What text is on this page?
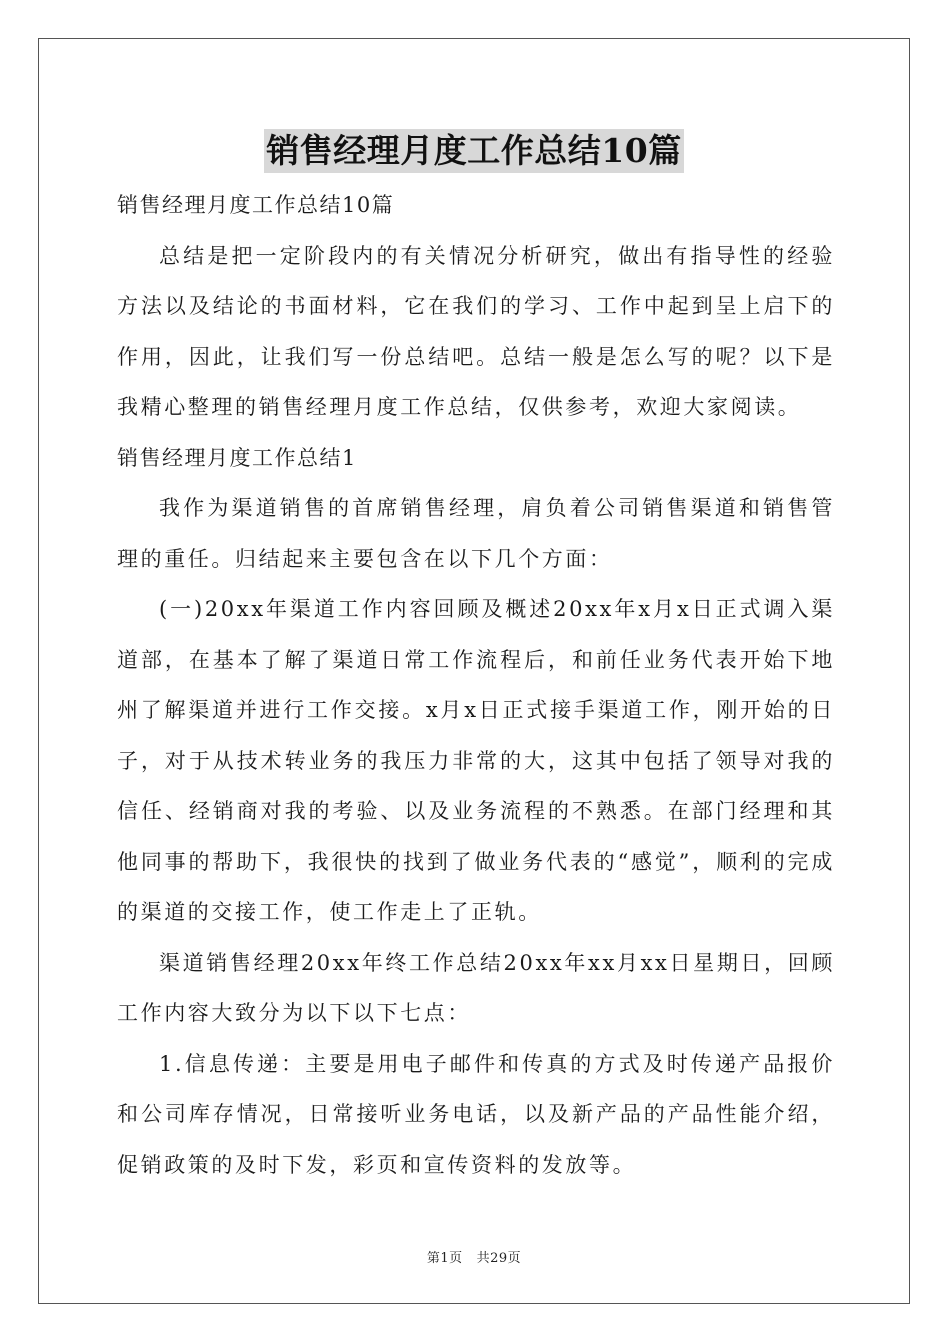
销售经理月度工作总结10篇

销售经理月度工作总结10篇

总结是把一定阶段内的有关情况分析研究，做出有指导性的经验方法以及结论的书面材料，它在我们的学习、工作中起到呈上启下的作用，因此，让我们写一份总结吧。总结一般是怎么写的呢？以下是我精心整理的销售经理月度工作总结，仅供参考，欢迎大家阅读。

销售经理月度工作总结1

我作为渠道销售的首席销售经理，肩负着公司销售渠道和销售管理的重任。归结起来主要包含在以下几个方面：

(一)20xx年渠道工作内容回顾及概述20xx年x月x日正式调入渠道部，在基本了解了渠道日常工作流程后，和前任业务代表开始下地州了解渠道并进行工作交接。x月x日正式接手渠道工作，刚开始的日子，对于从技术转业务的我压力非常的大，这其中包括了领导对我的信任、经销商对我的考验、以及业务流程的不熟悉。在部门经理和其他同事的帮助下，我很快的找到了做业务代表的“感觉”，顺利的完成的渠道的交接工作，使工作走上了正轨。

渠道销售经理20xx年终工作总结20xx年xx月xx日星期日，回顾工作内容大致分为以下以下七点：

1.信息传递：主要是用电子邮件和传真的方式及时传递产品报价和公司库存情况，日常接听业务电话，以及新产品的产品性能介绍，促销政策的及时下发，彩页和宣传资料的发放等。

第1页 共29页
